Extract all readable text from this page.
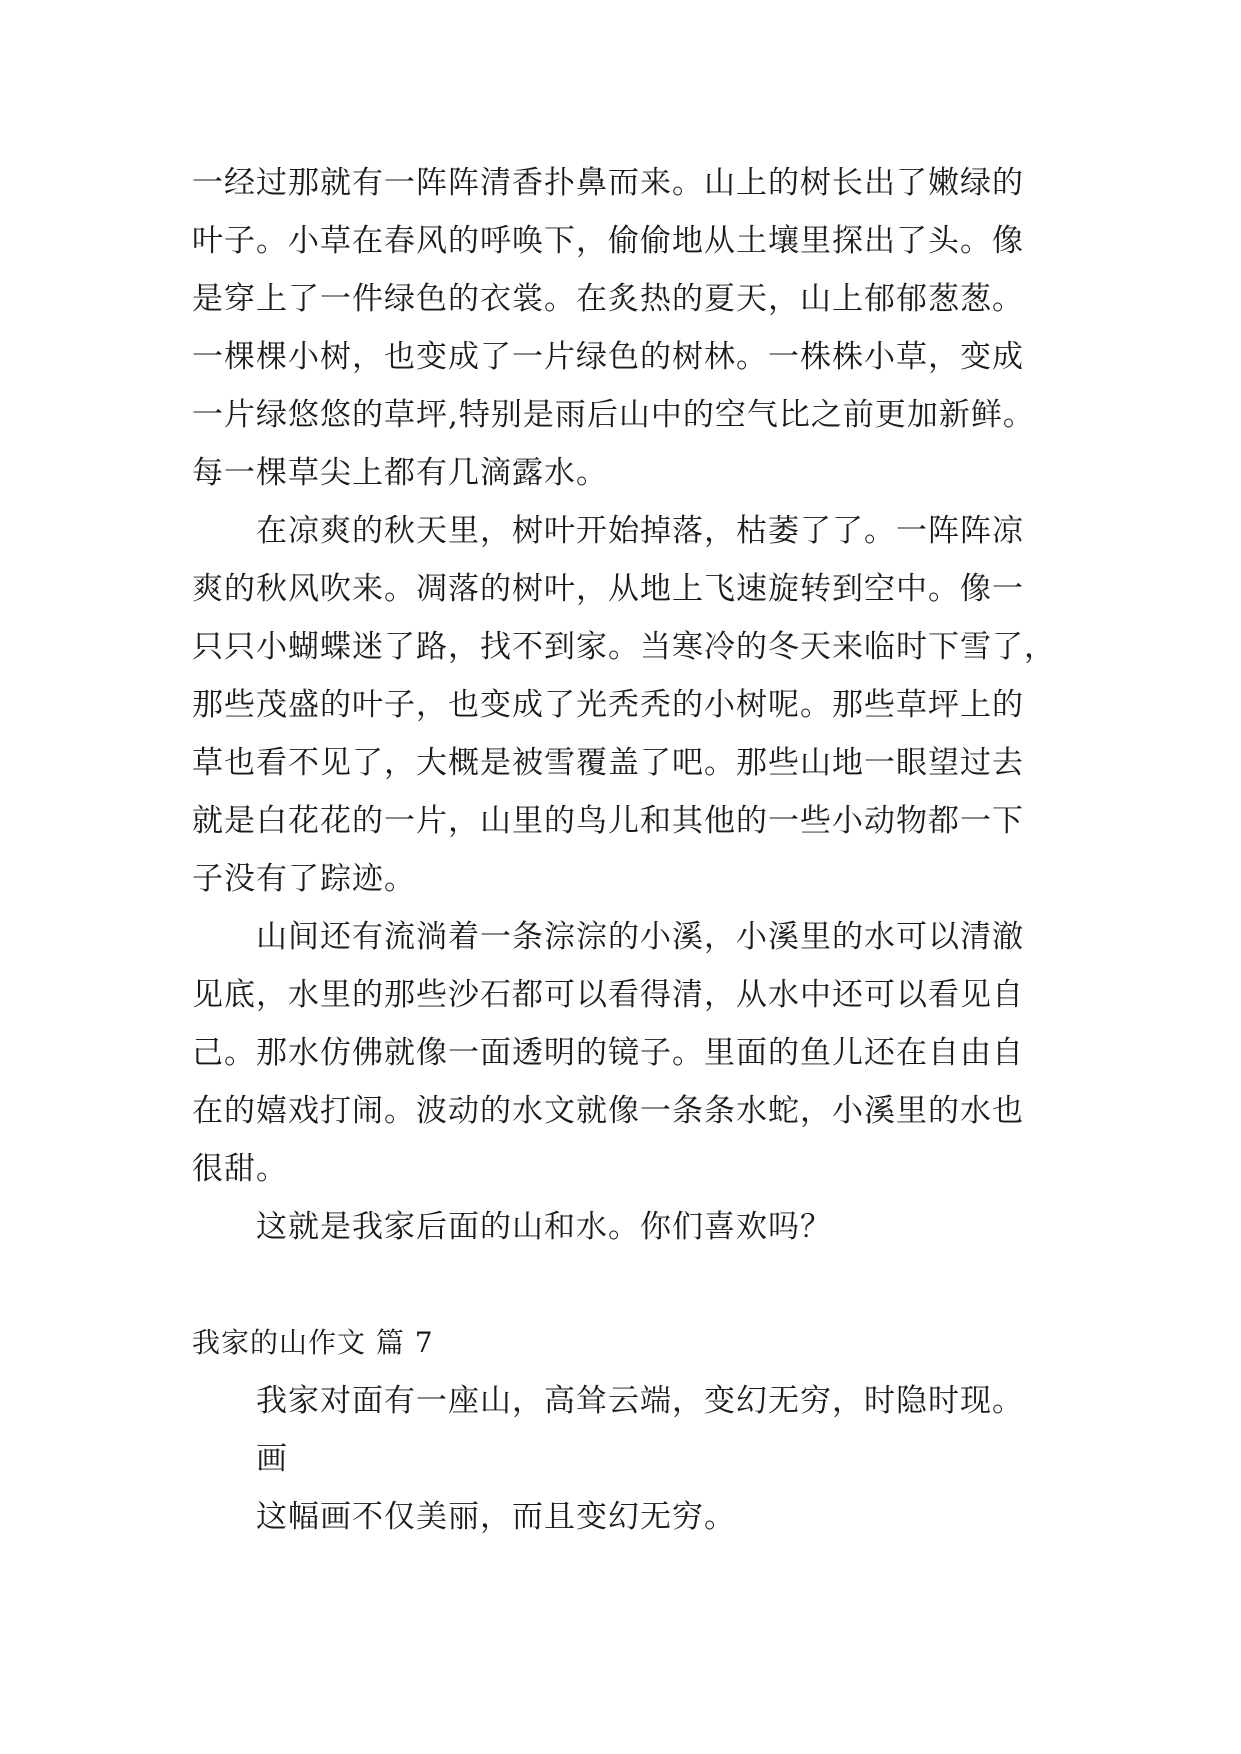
一经过那就有一阵阵清香扑鼻而来。山上的树长出了嫩绿的
叶子。小草在春风的呼唤下，偷偷地从土壤里探出了头。像
是穿上了一件绿色的衣裳。在炙热的夏天，山上郁郁葱葱。
一棵棵小树，也变成了一片绿色的树林。一株株小草，变成
一片绿悠悠的草坪,特别是雨后山中的空气比之前更加新鲜。
每一棵草尖上都有几滴露水。
在凉爽的秋天里，树叶开始掉落，枯萎了了。一阵阵凉
爽的秋风吹来。凋落的树叶，从地上飞速旋转到空中。像一
只只小蝴蝶迷了路，找不到家。当寒冷的冬天来临时下雪了，
那些茂盛的叶子，也变成了光秃秃的小树呢。那些草坪上的
草也看不见了，大概是被雪覆盖了吧。那些山地一眼望过去
就是白花花的一片，山里的鸟儿和其他的一些小动物都一下
子没有了踪迹。
山间还有流淌着一条淙淙的小溪，小溪里的水可以清澈
见底，水里的那些沙石都可以看得清，从水中还可以看见自
己。那水仿佛就像一面透明的镜子。里面的鱼儿还在自由自
在的嬉戏打闹。波动的水文就像一条条水蛇，小溪里的水也
很甜。
这就是我家后面的山和水。你们喜欢吗？
我家的山作文 篇 7
我家对面有一座山，高耸云端，变幻无穷，时隐时现。
画
这幅画不仅美丽，而且变幻无穷。
